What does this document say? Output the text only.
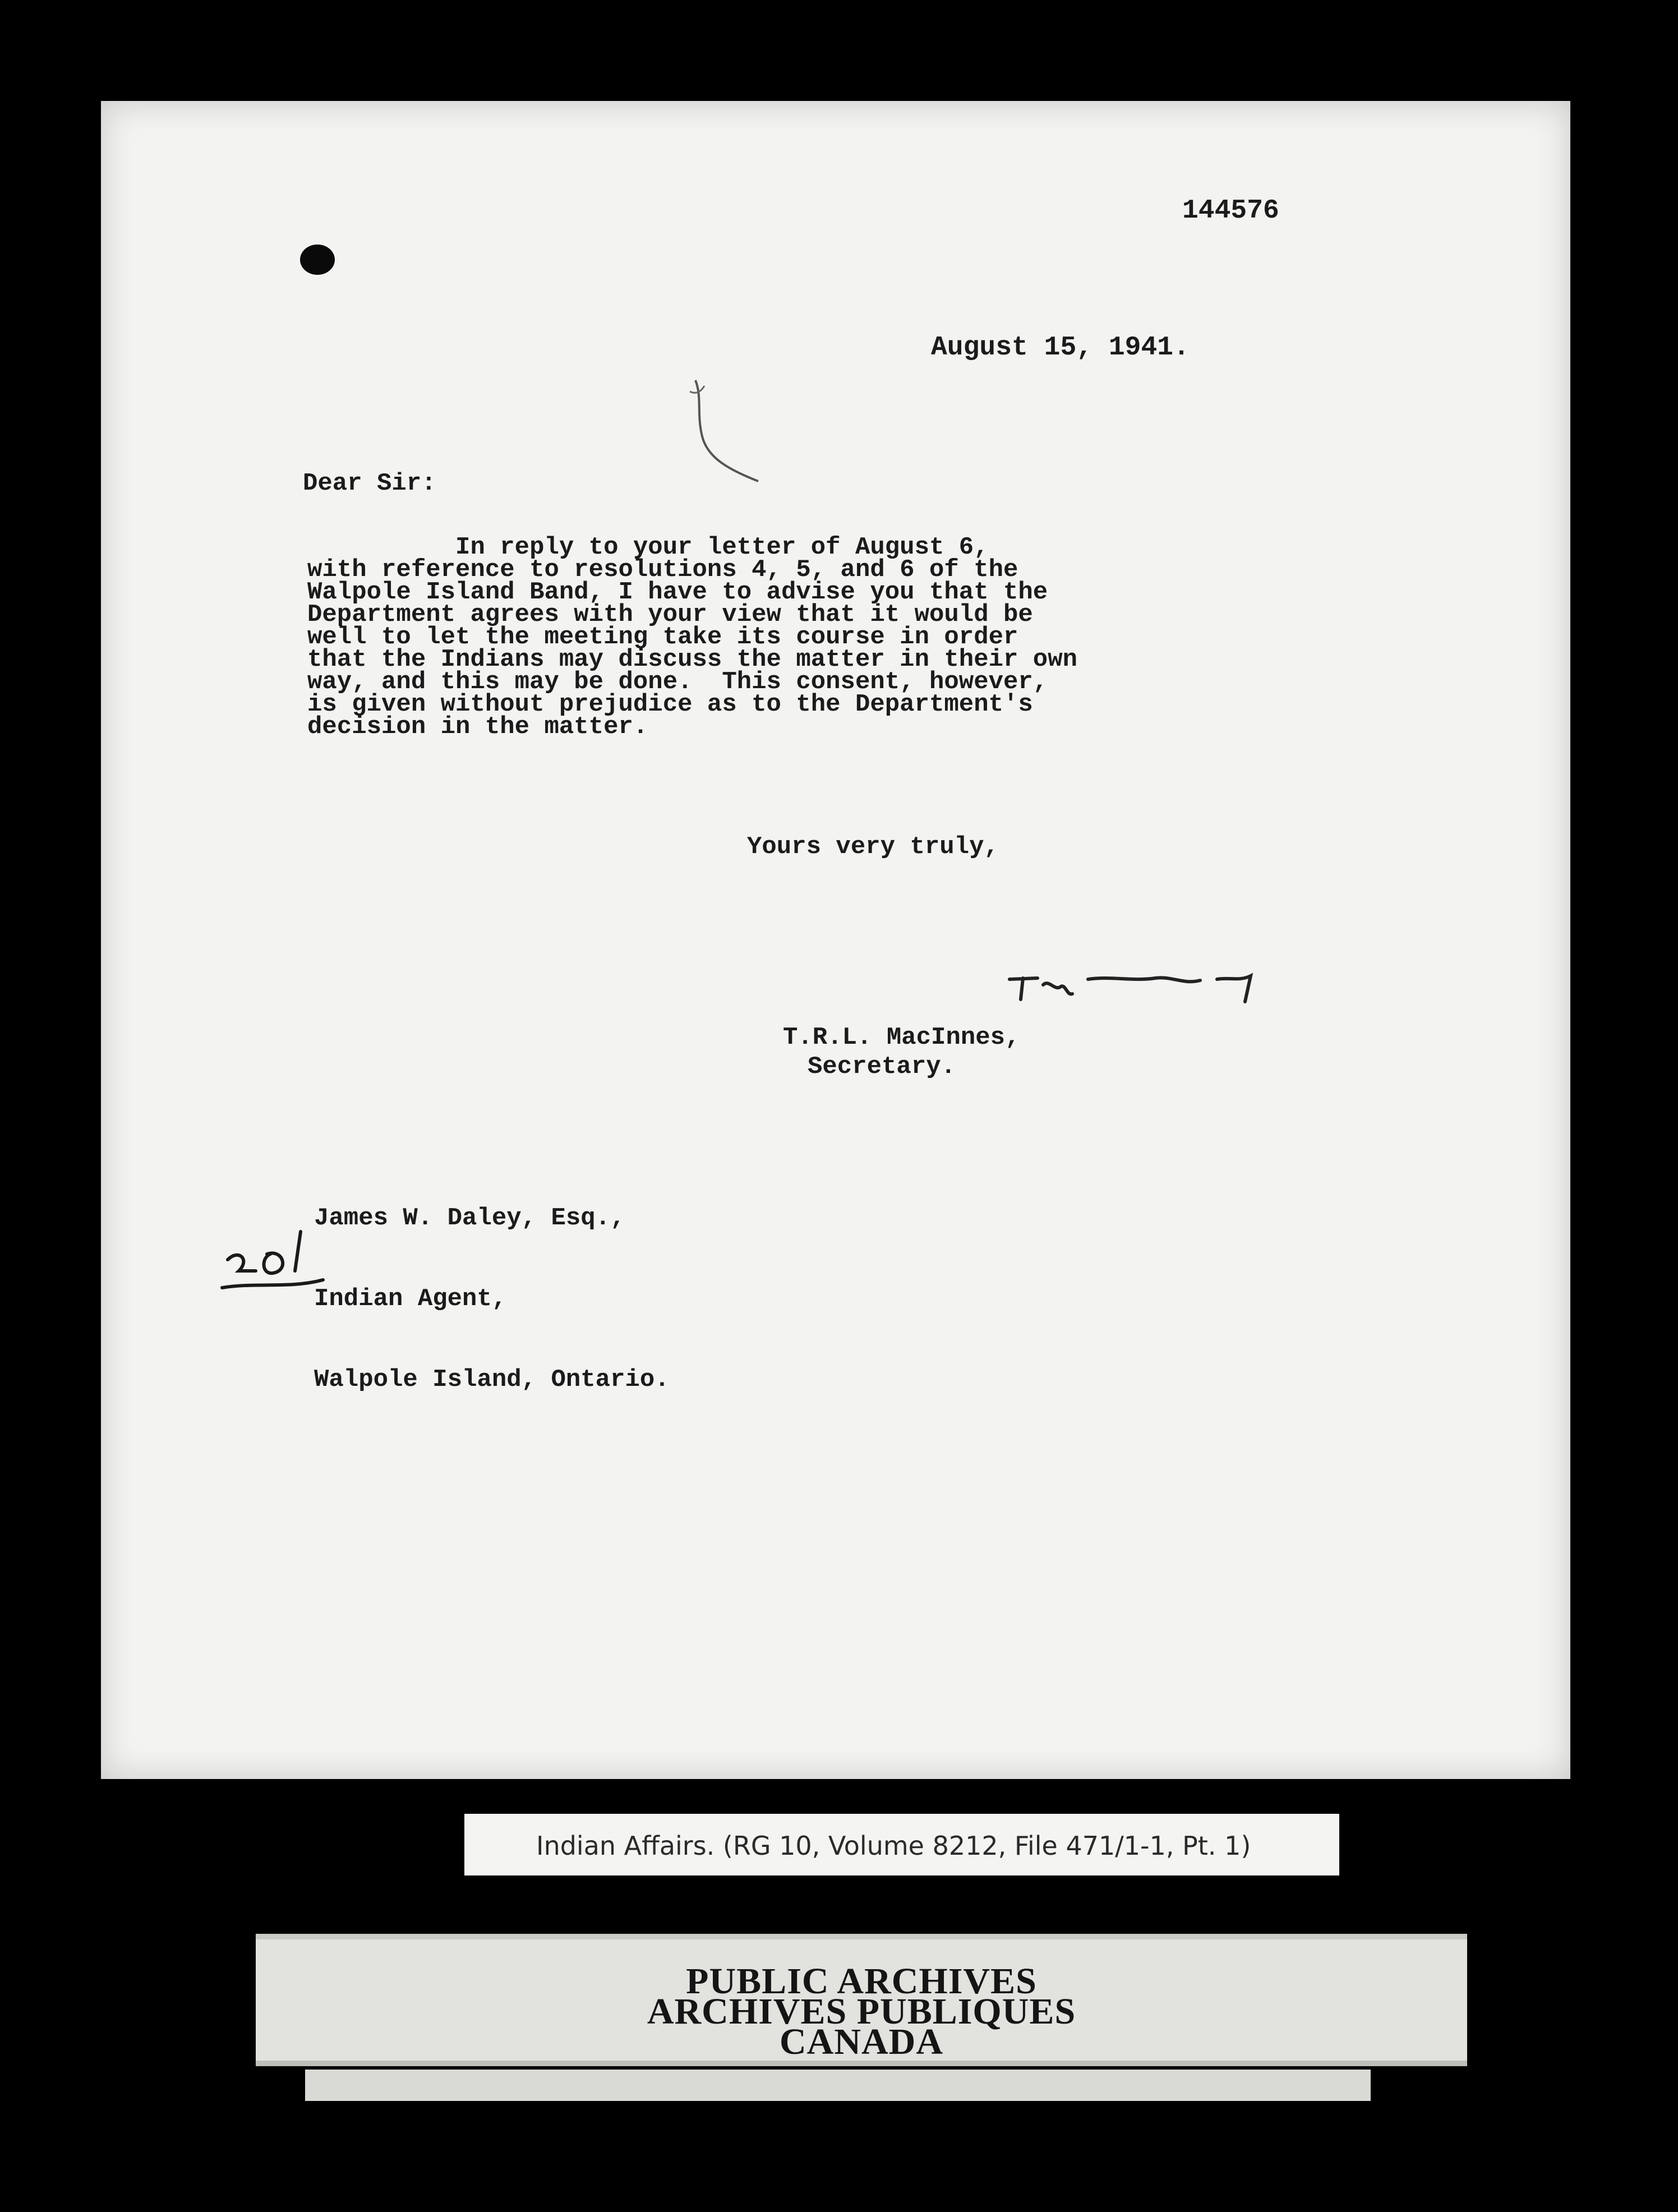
144576
August 15, 1941.
Dear Sir:
In reply to your letter of August 6,
with reference to resolutions 4, 5, and 6 of the
Walpole Island Band, I have to advise you that the
Department agrees with your view that it would be
well to let the meeting take its course in order
that the Indians may discuss the matter in their own
way, and this may be done.  This consent, however,
is given without prejudice as to the Department's
decision in the matter.
Yours very truly,
T.R.L. MacInnes,
Secretary.

James W. Daley, Esq.,

Indian Agent,

Walpole Island, Ontario.

Indian Affairs. (RG 10, Volume 8212, File 471/1-1, Pt. 1)
PUBLIC ARCHIVES
ARCHIVES PUBLIQUES
CANADA
